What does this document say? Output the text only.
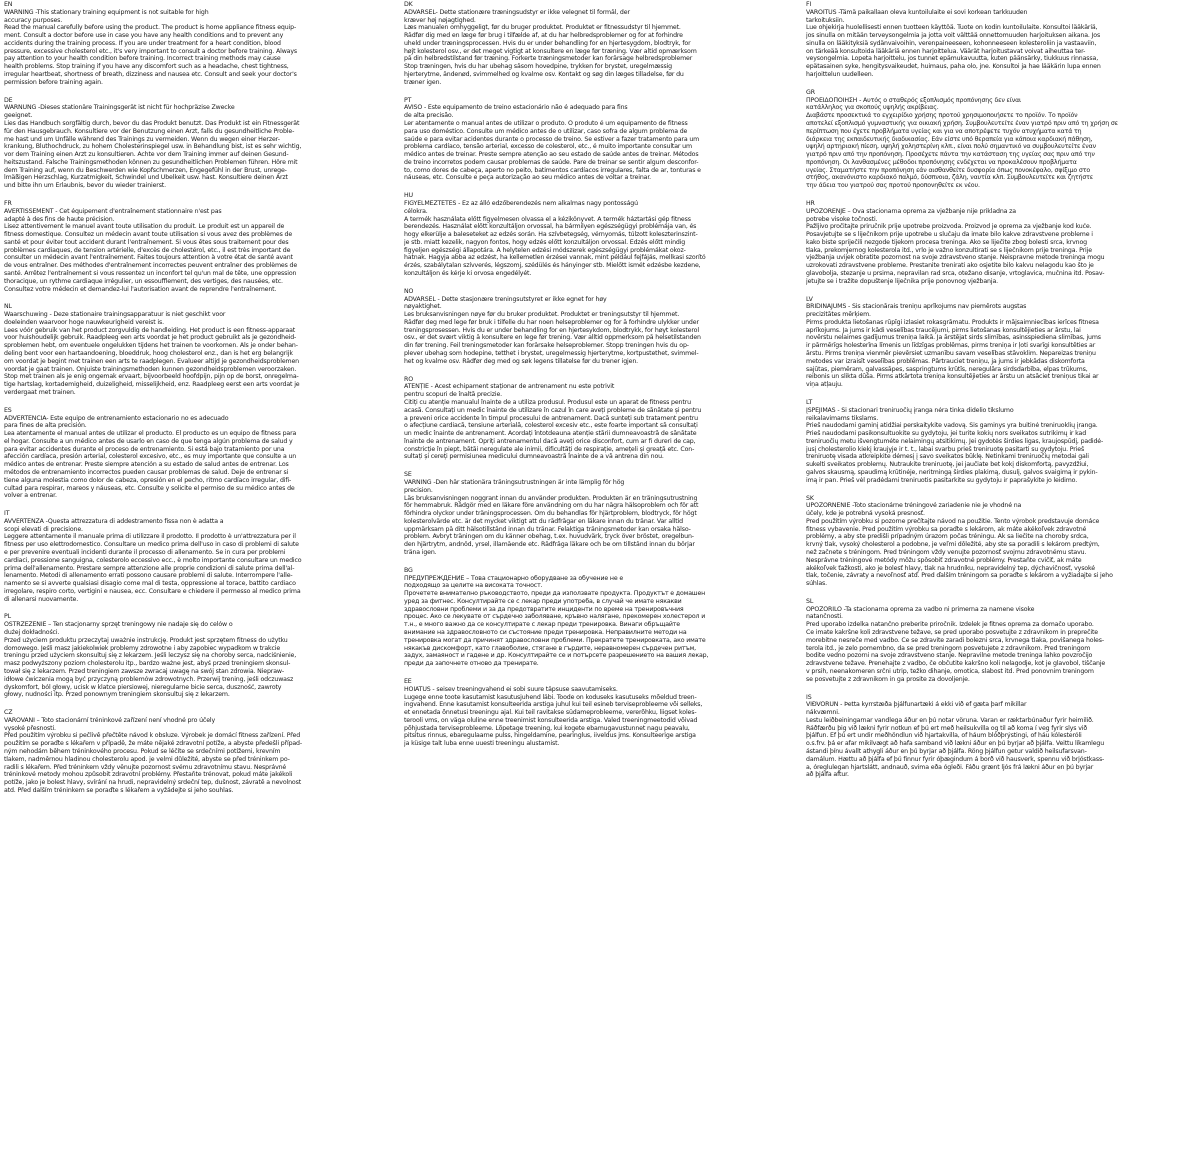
EN
WARNING -This stationary training equipment is not suitable for high
accuracy purposes.
Read the manual carefully before using the product. The product is home appliance fitness equip-
ment. Consult a doctor before use in case you have any health conditions and to prevent any
accidents during the training process. If you are under treatment for a heart condition, blood
pressure, excessive cholesterol etc., it's very important to consult a doctor before training. Always
pay attention to your health condition before training. Incorrect training methods may cause
health problems. Stop training if you have any discomfort such as a headache, chest tightness,
irregular heartbeat, shortness of breath, dizziness and nausea etc. Consult and seek your doctor's
permission before training again.
DE
WARNUNG -Dieses stationäre Trainingsgerät ist nicht für hochpräzise Zwecke
geeignet.
Lies das Handbuch sorgfältig durch, bevor du das Produkt benutzt. Das Produkt ist ein Fitnessgerät
für den Hausgebrauch. Konsultiere vor der Benutzung einen Arzt, falls du gesundheitliche Proble-
me hast und um Unfälle während des Trainings zu vermeiden. Wenn du wegen einer Herzer-
krankung, Bluthochdruck, zu hohem Cholesterinspiegel usw. in Behandlung bist, ist es sehr wichtig,
vor dem Training einen Arzt zu konsultieren. Achte vor dem Training immer auf deinen Gesund-
heitszustand. Falsche Trainingsmethoden können zu gesundheitlichen Problemen führen. Höre mit
dem Training auf, wenn du Beschwerden wie Kopfschmerzen, Engegefühl in der Brust, unrege-
lmäßigen Herzschlag, Kurzatmigkeit, Schwindel und Übelkeit usw. hast. Konsultiere deinen Arzt
und bitte ihn um Erlaubnis, bevor du wieder trainierst.
FR
AVERTISSEMENT - Cet équipement d'entraînement stationnaire n'est pas
adapté à des fins de haute précision.
Lisez attentivement le manuel avant toute utilisation du produit. Le produit est un appareil de
fitness domestique. Consultez un médecin avant toute utilisation si vous avez des problèmes de
santé et pour éviter tout accident durant l'entraînement. Si vous êtes sous traitement pour des
problèmes cardiaques, de tension artérielle, d'excès de cholestérol, etc., il est très important de
consulter un médecin avant l'entraînement. Faites toujours attention à votre état de santé avant
de vous entraîner. Des méthodes d'entraînement incorrectes peuvent entraîner des problèmes de
santé. Arrêtez l'entraînement si vous ressentez un inconfort tel qu'un mal de tête, une oppression
thoracique, un rythme cardiaque irrégulier, un essoufflement, des vertiges, des nausées, etc.
Consultez votre médecin et demandez-lui l'autorisation avant de reprendre l'entraînement.
NL
Waarschuwing - Deze stationaire trainingsapparatuur is niet geschikt voor
doeleinden waarvoor hoge nauwkeurigheid vereist is.
Lees vóór gebruik van het product zorgvuldig de handleiding. Het product is een fitness-apparaat
voor huishoudelijk gebruik. Raadpleeg een arts voordat je het product gebruikt als je gezondheid-
sproblemen hebt, om eventuele ongelukken tijdens het trainen te voorkomen. Als je onder behan-
deling bent voor een hartaandoening, bloeddruk, hoog cholesterol enz., dan is het erg belangrijk
om voordat je begint met trainen een arts te raadplegen. Evalueer altijd je gezondheidsproblemen
voordat je gaat trainen. Onjuiste trainingsmethoden kunnen gezondheidsproblemen veroorzaken.
Stop met trainen als je enig ongemak ervaart, bijvoorbeeld hoofdpijn, pijn op de borst, onregelma-
tige hartslag, kortademigheid, duizeligheid, misselijkheid, enz. Raadpleeg eerst een arts voordat je
verdergaat met trainen.
ES
ADVERTENCIA- Este equipo de entrenamiento estacionario no es adecuado
para fines de alta precisión.
Lea atentamente el manual antes de utilizar el producto. El producto es un equipo de fitness para
el hogar. Consulte a un médico antes de usarlo en caso de que tenga algún problema de salud y
para evitar accidentes durante el proceso de entrenamiento. Si está bajo tratamiento por una
afección cardíaca, presión arterial, colesterol excesivo, etc., es muy importante que consulte a un
médico antes de entrenar. Preste siempre atención a su estado de salud antes de entrenar. Los
métodos de entrenamiento incorrectos pueden causar problemas de salud. Deje de entrenar si
tiene alguna molestia como dolor de cabeza, opresión en el pecho, ritmo cardíaco irregular, difi-
cultad para respirar, mareos y náuseas, etc. Consulte y solicite el permiso de su médico antes de
volver a entrenar.
IT
AVVERTENZA -Questa attrezzatura di addestramento fissa non è adatta a
scopi elevati di precisione.
Leggere attentamente il manuale prima di utilizzare il prodotto. Il prodotto è un'attrezzatura per il
fitness per uso elettrodomestico. Consultare un medico prima dell'uso in caso di problemi di salute
e per prevenire eventuali incidenti durante il processo di allenamento. Se in cura per problemi
cardiaci, pressione sanguigna, colesterolo eccessivo ecc., è molto importante consultare un medico
prima dell'allenamento. Prestare sempre attenzione alle proprie condizioni di salute prima dell'al-
lenamento. Metodi di allenamento errati possono causare problemi di salute. Interrompere l'alle-
namento se si avverte qualsiasi disagio come mal di testa, oppressione al torace, battito cardiaco
irregolare, respiro corto, vertigini e nausea, ecc. Consultare e chiedere il permesso al medico prima
di allenarsi nuovamente.
PL
OSTRZEŻENIE – Ten stacjonarny sprzęt treningowy nie nadaje się do celów o
dużej dokładności.
Przed użyciem produktu przeczytaj uważnie instrukcję. Produkt jest sprzętem fitness do użytku
domowego. Jeśli masz jakiekolwiek problemy zdrowotne i aby zapobiec wypadkom w trakcie
treningu przed użyciem skonsultuj się z lekarzem. Jeśli leczysz się na choroby serca, nadciśnienie,
masz podwyższony poziom cholesterolu itp., bardzo ważne jest, abyś przed treningiem skonsul-
tował się z lekarzem. Przed treningiem zawsze zwracaj uwagę na swój stan zdrowia. Niepraw-
idłowe ćwiczenia mogą być przyczyną problemów zdrowotnych. Przerwij trening, jeśli odczuwasz
dyskomfort, ból głowy, ucisk w klatce piersiowej, nieregularne bicie serca, duszność, zawroty
głowy, nudności itp. Przed ponownym treningiem skonsultuj się z lekarzem.
CZ
VAROVÁNÍ – Toto stacionární tréninkové zařízení není vhodné pro účely
vysoké přesnosti.
Před použitím výrobku si pečlivě přečtěte návod k obsluze. Výrobek je domácí fitness zařízení. Před
použitím se poraďte s lékařem v případě, že máte nějaké zdravotní potíže, a abyste předešli případ-
ným nehodám během tréninkového procesu. Pokud se léčíte se srdečními potížemi, krevním
tlakem, nadměrnou hladinou cholesterolu apod. je velmi důležité, abyste se před tréninkem po-
radili s lékařem. Před tréninkem vždy věnujte pozornost svému zdravotnímu stavu. Nesprávné
tréninkové metody mohou způsobit zdravotní problémy. Přestaňte trénovat, pokud máte jakékoli
potíže, jako je bolest hlavy, svírání na hrudi, nepravidelný srdeční tep, dušnost, závratě a nevolnost
atd. Před dalším tréninkem se poraďte s lékařem a vyžádejte si jeho souhlas.
DK
ADVARSEL- Dette stationære træningsudstyr er ikke velegnet til formål, der
kræver høj nøjagtighed.
Læs manualen omhyggeligt, før du bruger produktet. Produktet er fitnessudstyr til hjemmet.
Rådfør dig med en læge før brug i tilfælde af, at du har helbredsproblemer og for at forhindre
uheld under træningsprocessen. Hvis du er under behandling for en hjertesygdom, blodtryk, for
højt kolesterol osv., er det meget vigtigt at konsultere en læge før træning. Vær altid opmærksom
på din helbredstilstand før træning. Forkerte træningsmetoder kan forårsage helbredsproblemer
Stop træningen, hvis du har ubehag såsom hovedpine, trykken for brystet, uregelmæssig
hjerterytme, åndenød, svimmelhed og kvalme osv. Kontakt og søg din læges tilladelse, før du
træner igen.
PT
AVISO - Este equipamento de treino estacionário não é adequado para fins
de alta precisão.
Ler atentamente o manual antes de utilizar o produto. O produto é um equipamento de fitness
para uso doméstico. Consulte um médico antes de o utilizar, caso sofra de algum problema de
saúde e para evitar acidentes durante o processo de treino. Se estiver a fazer tratamento para um
problema cardíaco, tensão arterial, excesso de colesterol, etc., é muito importante consultar um
médico antes de treinar. Preste sempre atenção ao seu estado de saúde antes de treinar. Métodos
de treino incorretos podem causar problemas de saúde. Pare de treinar se sentir algum desconfor-
to, como dores de cabeça, aperto no peito, batimentos cardíacos irregulares, falta de ar, tonturas e
náuseas, etc. Consulte e peça autorização ao seu médico antes de voltar a treinar.
HU
FIGYELMEZTETÉS - Ez az álló edzőberendezés nem alkalmas nagy pontosságú
célokra.
A termék használata előtt figyelmesen olvassa el a kézikönyvet. A termék háztartási gép fitness
berendezés. Használat előtt konzultáljon orvossal, ha bármilyen egészségügyi problémája van, és
hogy elkerülje a baleseteket az edzés során. Ha szívbetegség, vérnyomás, túlzott koleszterinszint-
je stb. miatt kezelik, nagyon fontos, hogy edzés előtt konzultáljon orvossal. Edzés előtt mindig
figyeljen egészségi állapotára. A helytelen edzési módszerek egészségügyi problémákat okoz-
hatnak. Hagyja abba az edzést, ha kellemetlen érzései vannak, mint például fejfájás, mellkasi szorító
érzés, szabálytalan szívverés, légszomj, szédülés és hányinger stb. Mielőtt ismét edzésbe kezdene,
konzultáljon és kérje ki orvosa engedélyét.
NO
ADVARSEL - Dette stasjonære treningsutstyret er ikke egnet for høy
nøyaktighet.
Les bruksanvisningen nøye før du bruker produktet. Produktet er treningsutstyr til hjemmet.
Rådfør deg med lege før bruk i tilfelle du har noen helseproblemer og for å forhindre ulykker under
treningsprosessen. Hvis du er under behandling for en hjertesykdom, blodtrykk, for høyt kolesterol
osv., er det svært viktig å konsultere en lege før trening. Vær alltid oppmerksom på helsetilstanden
din før trening. Feil treningsmetoder kan forårsake helseproblemer. Stopp treningen hvis du op-
plever ubehag som hodepine, tetthet i brystet, uregelmessig hjerterytme, kortpustethet, svimmel-
het og kvalme osv. Rådfør deg med og søk legens tillatelse før du trener igjen.
RO
ATENȚIE - Acest echipament staționar de antrenament nu este potrivit
pentru scopuri de înaltă precizie.
Citiți cu atenție manualul înainte de a utiliza produsul. Produsul este un aparat de fitness pentru
acasă. Consultați un medic înainte de utilizare în cazul în care aveți probleme de sănătate și pentru
a preveni orice accidente în timpul procesului de antrenament. Dacă sunteți sub tratament pentru
o afecțiune cardiacă, tensiune arterială, colesterol excesiv etc., este foarte important să consultați
un medic înainte de antrenament. Acordați întotdeauna atenție stării dumneavoastră de sănătate
înainte de antrenament. Opriți antrenamentul dacă aveți orice disconfort, cum ar fi dureri de cap,
constricție în piept, bătăi neregulate ale inimii, dificultăți de respirație, amețeli și greață etc. Con-
sultați și cereți permisiunea medicului dumneavoastră înainte de a vă antrena din nou.
SE
VARNING -Den här stationära träningsutrustningen är inte lämplig för hög
precision.
Läs bruksanvisningen noggrant innan du använder produkten. Produkten är en träningsutrustning
för hemmabruk. Rådgör med en läkare före användning om du har några hälsoproblem och för att
förhindra olyckor under träningsprocessen. Om du behandlas för hjärtproblem, blodtryck, för högt
kolesterolvärde etc. är det mycket viktigt att du rådfrågar en läkare innan du tränar. Var alltid
uppmärksam på ditt hälsotillstånd innan du tränar. Felaktiga träningsmetoder kan orsaka hälso-
problem. Avbryt träningen om du känner obehag, t.ex. huvudvärk, tryck över bröstet, oregelbun-
den hjärtrytm, andnöd, yrsel, illamående etc. Rådfråga läkare och be om tillstånd innan du börjar
träna igen.
BG
ПРЕДУПРЕЖДЕНИЕ – Това стационарно оборудване за обучение не е
подходящо за целите на високата точност.
Прочетете внимателно ръководството, преди да използвате продукта. Продуктът е домашен
уред за фитнес. Консултирайте се с лекар преди употреба, в случай че имате някакви
здравословни проблеми и за да предотвратите инциденти по време на тренировъчния
процес. Ако се лекувате от сърдечно заболяване, кръвно налягане, прекомерен холестерол и
т.н., е много важно да се консултирате с лекар преди тренировка. Винаги обръщайте
внимание на здравословното си състояние преди тренировка. Неправилните методи на
тренировка могат да причинят здравословни проблеми. Прекратете тренировката, ако имате
някакъв дискомфорт, като главоболие, стягане в гърдите, неравномерен сърдечен ритъм,
задух, замаяност и гадене и др. Консултирайте се и потърсете разрешението на вашия лекар,
преди да започнете отново да тренирате.
EE
HOIATUS - seisev treeningvahend ei sobi suure täpsuse saavutamiseks.
Lugege enne toote kasutamist kasutusjuhend läbi. Toode on koduseks kasutuseks mõeldud treen-
ingvahend. Enne kasutamist konsulteerida arstiga juhul kui teil esineb terviseprobleeme või selleks,
et ennetada õnnetusi treeningu ajal. Kui teil ravitakse südameprobleeme, vererõhku, liigset koles-
terooli vms, on väga oluline enne treenimist konsulteerida arstiga. Valed treeningmeetodid võivad
põhjustada terviseprobleeme. Lõpetage treening, kui kogete ebamugavustunnet nagu peavalu,
pitsitus rinnus, ebaregulaarne pulss, hingeldamine, pearinglus, iiveldus jms. Konsulteerige arstiga
ja küsige talt luba enne uuesti treeningu alustamist.
FI
VAROITUS -Tämä paikallaan oleva kuntoilulaite ei sovi korkean tarkkuuden
tarkoituksiin.
Lue ohjekirja huolellisesti ennen tuotteen käyttöä. Tuote on kodin kuntoilulaite. Konsultoi lääkäriä,
jos sinulla on mitään terveysongelmia ja jotta voit välttää onnettomuuden harjoituksen aikana. Jos
sinulla on lääkityksiä sydänvaivoihin, verenpaineeseen, kohonneeseen kolesteroliin ja vastaaviin,
on tärkeää konsultoida lääkäriä ennen harjoittelua. Väärät harjoitustavat voivat aiheuttaa ter-
veysongelmia. Lopeta harjoittelu, jos tunnet epämukavuutta, kuten päänsärky, tiukkuus rinnassa,
epätasainen syke, hengitysvaikeudet, huimaus, paha olo, jne. Konsultoi ja hae lääkärin lupa ennen
harjoittelun uudelleen.
GR
ΠΡΟΕΙΔΟΠΟΙΗΣΗ - Αυτός ο σταθερός εξοπλισμός προπόνησης δεν είναι
κατάλληλος για σκοπούς υψηλής ακρίβειας.
Διαβάστε προσεκτικά το εγχειρίδιο χρήσης προτού χρησιμοποιήσετε το προϊόν. Το προϊόν
αποτελεί εξοπλισμό γυμναστικής για οικιακή χρήση. Συμβουλευτείτε έναν γιατρό πριν από τη χρήση σε
περίπτωση που έχετε προβλήματα υγείας και για να αποτρέψετε τυχόν ατυχήματα κατά τη
διάρκεια της εκπαιδευτικής διαδικασίας. Εάν είστε υπό θεραπεία για κάποια καρδιακή πάθηση,
υψηλή αρτηριακή πίεση, υψηλή χοληστερίνη κλπ., είναι πολύ σημαντικό να συμβουλευτείτε έναν
γιατρό πριν από την προπόνηση. Προσέχετε πάντα την κατάσταση της υγείας σας πριν από την
προπόνηση. Οι λανθασμένες μέθοδοι προπόνησης ενδέχεται να προκαλέσουν προβλήματα
υγείας. Σταματήστε την προπόνηση εάν αισθανθείτε δυσφορία όπως πονοκέφαλο, σφίξιμο στο
στήθος, ακανόνιστο καρδιακό παλμό, δύσπνοια, ζάλη, ναυτία κλπ. Συμβουλευτείτε και ζητήστε
την άδεια του γιατρού σας προτού προπονηθείτε εκ νέου.
HR
UPOZORENJE – Ova stacionarna oprema za vježbanje nije prikladna za
potrebe visoke točnosti.
Pažljivo pročitajte priručnik prije upotrebe proizvoda. Proizvod je oprema za vježbanje kod kuće.
Posavjetujte se s liječnikom prije upotrebe u slučaju da imate bilo kakve zdravstvene probleme i
kako biste spriječili nezgode tijekom procesa treninga. Ako se liječite zbog bolesti srca, krvnog
tlaka, prekomjernog kolesterola itd., vrlo je važno konzultirati se s liječnikom prije treninga. Prije
vježbanja uvijek obratite pozornost na svoje zdravstveno stanje. Neispravne metode treninga mogu
uzrokovati zdravstvene probleme. Prestanite trenirati ako osjetite bilo kakvu nelagodu kao što je
glavobolja, stezanje u prsima, nepravilan rad srca, otežano disanje, vrtoglavica, mučnina itd. Posav-
jetujte se i tražite dopuštenje liječnika prije ponovnog vježbanja.
LV
BRĪDINĀJUMS - Šis stacionārais treniņu aprīkojums nav piemērots augstas
precizitātes mērķiem.
Pirms produkta lietošanas rūpīgi izlasiet rokasgrāmatu. Produkts ir mājsaimniecības ierīces fitnesa
aprīkojums. Ja jums ir kādi veselības traucējumi, pirms lietošanas konsultējieties ar ārstu, lai
novērstu nelaimes gadījumus treniņa laikā. Ja ārstējat sirds slimības, asinsspiediena slimības, jums
ir pārmērīgs holesterīna līmenis un līdzīgas problēmas, pirms treniņa ir ļoti svarīgi konsultēties ar
ārstu. Pirms treniņa vienmēr pievērsiet uzmanību savam veselības stāvoklim. Nepareizas treniņu
metodes var izraisīt veselības problēmas. Pārtrauciet treniņu, ja jums ir jebkādas diskomforta
sajūtas, piemēram, galvassāpes, saspringtums krūtīs, neregulāra sirdsdarbība, elpas trūkums,
reibonis un slikta dūša. Pirms atkārtota treniņa konsultējieties ar ārstu un atsāciet treniņus tikai ar
viņa atļauju.
LT
ĮSPĖJIMAS - Ši stacionari treniruočių įranga nėra tinka didelio tikslumo
reikalavimams tikslams.
Prieš naudodami gaminį atidžiai perskaitykite vadovą. Šis gaminys yra buitinė treniruoklių įranga.
Prieš naudodami pasikonsultuokite su gydytoju, jei turite kokių nors sveikatos sutrikimų ir kad
treniruočių metu išvengtumėte nelaimingų atsitikimų. Jei gydotės širdies ligas, kraujospūdį, padidė-
jusį cholesterolio kiekį kraujyje ir t. t., labai svarbu prieš treniruotę pasitarti su gydytoju. Prieš
treniruotę visada atkreipkite dėmesį į savo sveikatos būklę. Netinkami treniruočių metodai gali
sukelti sveikatos problemų. Nutraukite treniruotę, jei jaučiate bet kokį diskomfortą, pavyzdžiui,
galvos skausmą, spaudimą krūtinėje, neritmingą širdies plakimą, dusulį, galvos svaigimą ir pykin-
imą ir pan. Prieš vėl pradėdami treniruotis pasitarkite su gydytoju ir paprašykite jo leidimo.
SK
UPOZORNENIE -Toto stacionárne tréningové zariadenie nie je vhodné na
účely, kde je potrebná vysoká presnosť.
Pred použitím výrobku si pozorne prečítajte návod na použitie. Tento výrobok predstavuje domáce
fitness vybavenie. Pred použitím výrobku sa poraďte s lekárom, ak máte akékoľvek zdravotné
problémy, a aby ste predišli prípadným úrazom počas tréningu. Ak sa liečite na choroby srdca,
krvný tlak, vysoký cholesterol a podobne, je veľmi dôležité, aby ste sa poradili s lekárom predtým,
než začnete s tréningom. Pred tréningom vždy venujte pozornosť svojmu zdravotnému stavu.
Nesprávne tréningové metódy môžu spôsobiť zdravotné problémy. Prestaňte cvičiť, ak máte
akékoľvek ťažkosti, ako je bolesť hlavy, tlak na hrudníku, nepravidelný tep, dýchavičnosť, vysoké
tlak, točenie, závraty a nevoľnosť atď. Pred ďalším tréningom sa poraďte s lekárom a vyžiadajte si jeho
súhlas.
SL
OPOZORILO -Ta stacionarna oprema za vadbo ni primerna za namene visoke
natančnosti.
Pred uporabo izdelka natančno preberite priročnik. Izdelek je fitnes oprema za domačo uporabo.
Če imate kakršne koli zdravstvene težave, se pred uporabo posvetujte z zdravnikom in preprečite
morebitne nesreče med vadbo. Če se zdravite zaradi bolezni srca, krvnega tlaka, povišanega holes-
terola itd., je zelo pomembno, da se pred treningom posvetujete z zdravnikom. Pred treningom
bodite vedno pozorni na svoje zdravstveno stanje. Nepravilne metode treninga lahko povzročijo
zdravstvene težave. Prenehajte z vadbo, če občutite kakršno koli nelagodje, kot je glavobol, tiščanje
v prsih, neenakomeren srčni utrip, težko dihanje, omotica, slabost itd. Pred ponovnim treningom
se posvetujte z zdravnikom in ga prosite za dovoljenje.
IS
VIÐVÖRUN - Þetta kyrrstæða þjálfunartæki á ekki við ef gæta þarf mikillar
nákvæmni.
Lestu leiðbeiningarnar vandlega áður en þú notar vöruna. Varan er ræktarbúnaður fyrir heimilið.
Ráðfærðu þig við lækni fyrir notkun ef þú ert með heilsukvilla og til að koma í veg fyrir slys við
þjálfun. Ef þú ert undir meðhöndlun við hjartakvilla, of háum blóðþrýstingi, of háu kólesteróli
o.s.frv. þá er afar mikilvægt að hafa samband við lækni áður en þú byrjar að þjálfa. Veittu líkamlegu
ástandi þínu ávallt athygli áður en þú byrjar að þjálfa. Röng þjálfun getur valdið heilsufarsvan-
damálum. Hættu að þjálfa ef þú finnur fyrir óþægindum á borð við hausverk, spennu við brjóstkass-
a, óreglulegan hjartslátt, andnauð, svima eða ógleði. Fáðu grænt ljós frá lækni áður en þú byrjar
að þjálfa aftur.
